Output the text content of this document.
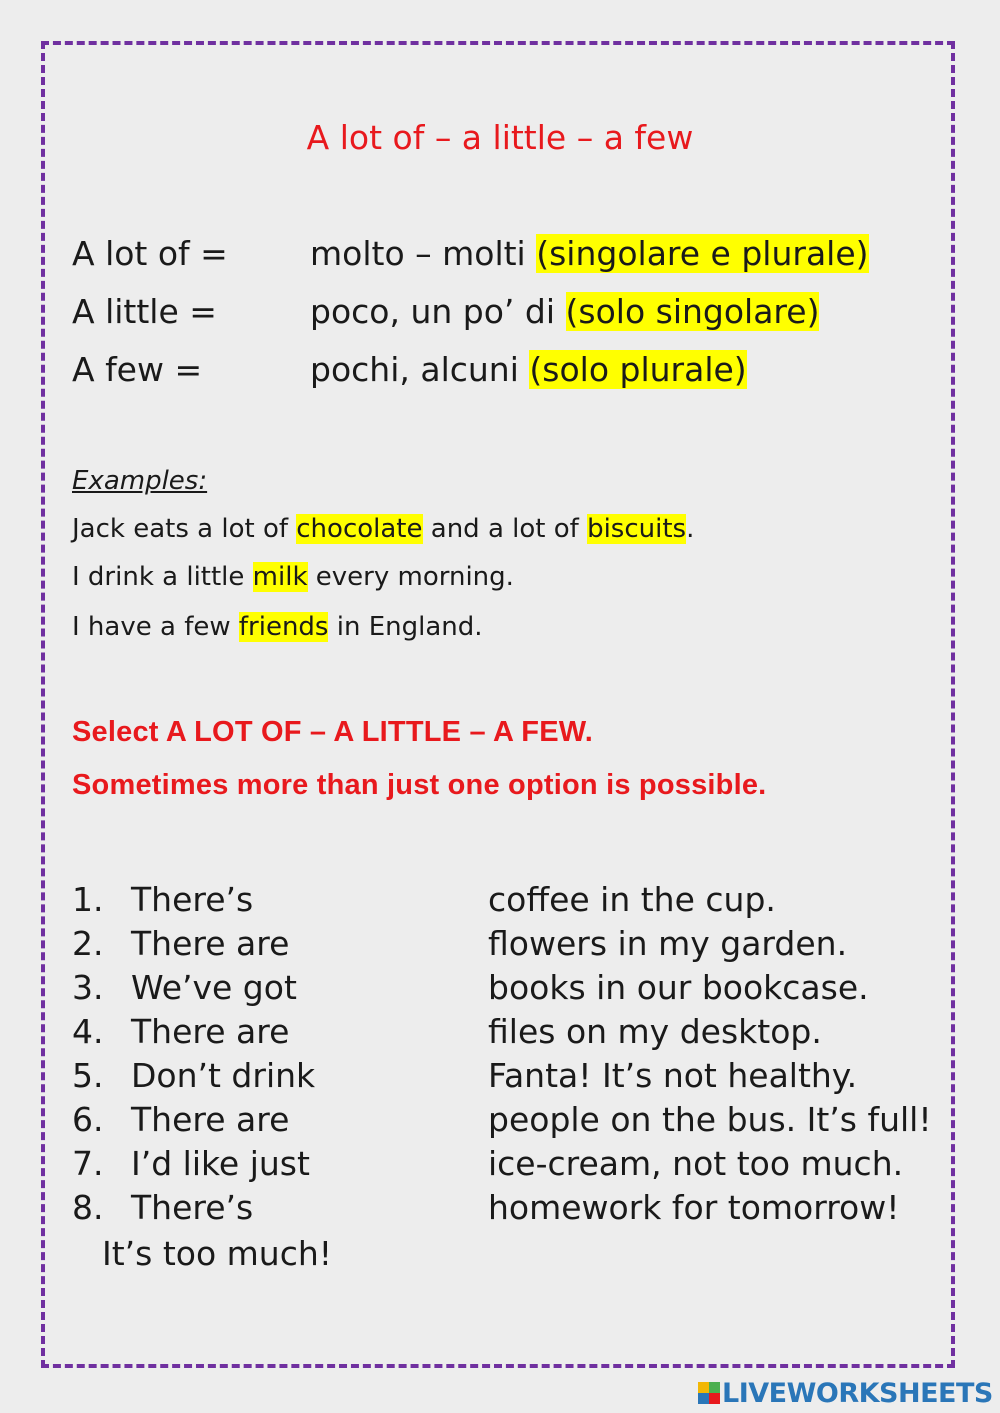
A lot of – a little – a few
A lot of = molto – molti (singolare e plurale)
A little =	poco, un po’ di (solo singolare)
A few =	pochi, alcuni (solo plurale)
Examples:
Jack eats a lot of chocolate and a lot of biscuits.
I drink a little milk every morning.
I have a few friends in England.
Select A LOT OF – A LITTLE – A FEW.
Sometimes more than just one option is possible.
1. There’s	coffee in the cup.
2. There are	flowers in my garden.
3. We’ve got	books in our bookcase.
4. There are	files on my desktop.
5. Don’t drink	Fanta! It’s not healthy.
6. There are	people on the bus. It’s full!
7. I’d like just	ice-cream, not too much.
8. There’s	homework for tomorrow!
It’s too much!
LIVEWORKSHEETS
